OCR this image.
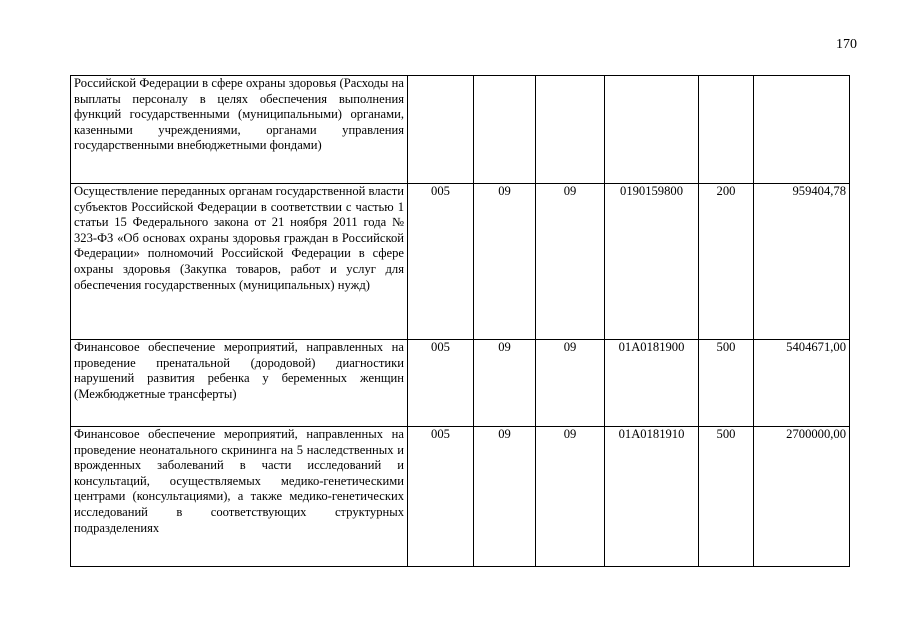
170
Российской Федерации в сфере охраны здоровья (Расходы на выплаты персоналу в целях обеспечения выполнения функций государственными (муниципальными) органами, казенными учреждениями, органами управления государственными внебюджетными фондами)						

Осуществление переданных органам государственной власти субъектов Российской Федерации в соответствии с частью 1 статьи 15 Федерального закона от 21 ноября 2011 года № 323-ФЗ «Об основах охраны здоровья граждан в Российской Федерации» полномочий Российской Федерации в сфере охраны здоровья (Закупка товаров, работ и услуг для обеспечения государственных (муниципальных) нужд)	005	09	09	0190159800	200	959404,78

Финансовое обеспечение мероприятий, направленных на проведение пренатальной (дородовой) диагностики нарушений развития ребенка у беременных женщин (Межбюджетные трансферты)	005	09	09	01А0181900	500	5404671,00

Финансовое обеспечение мероприятий, направленных на проведение неонатального скрининга на 5 наследственных и врожденных заболеваний в части исследований и консультаций, осуществляемых медико-генетическими центрами (консультациями), а также медико-генетических исследований в соответствующих структурных подразделениях	005	09	09	01А0181910	500	2700000,00
